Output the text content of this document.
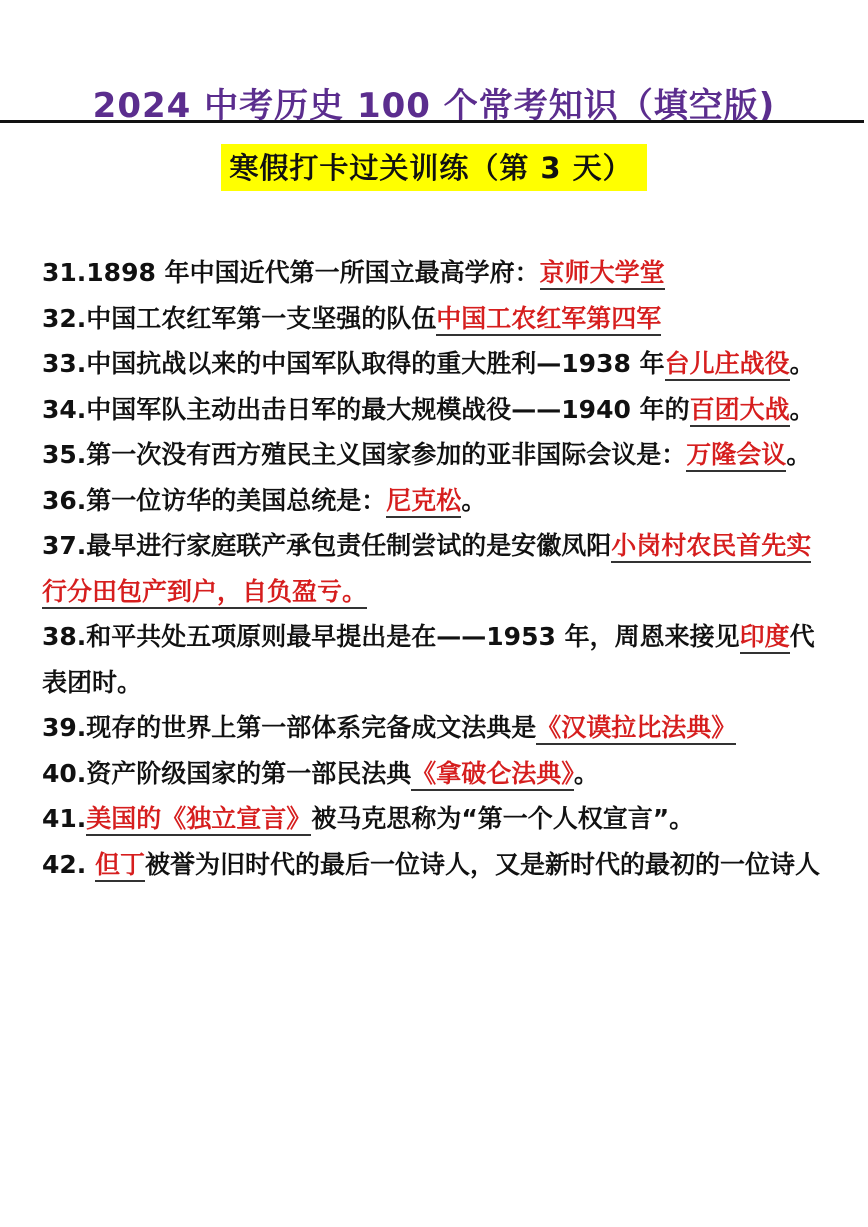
2024 中考历史 100 个常考知识（填空版)
寒假打卡过关训练（第 3 天）

31.1898 年中国近代第一所国立最高学府：京师大学堂

32.中国工农红军第一支坚强的队伍中国工农红军第四军

33.中国抗战以来的中国军队取得的重大胜利—1938 年台儿庄战役。

34.中国军队主动出击日军的最大规模战役——1940 年的百团大战。

35.第一次没有西方殖民主义国家参加的亚非国际会议是：万隆会议。

36.第一位访华的美国总统是：尼克松。

37.最早进行家庭联产承包责任制尝试的是安徽凤阳小岗村农民首先实行分田包产到户，自负盈亏。

38.和平共处五项原则最早提出是在——1953 年，周恩来接见印度代表团时。

39.现存的世界上第一部体系完备成文法典是《汉谟拉比法典》

40.资产阶级国家的第一部民法典《拿破仑法典》。

41.美国的《独立宣言》被马克思称为“第一个人权宣言”。

42. 但丁被誉为旧时代的最后一位诗人，又是新时代的最初的一位诗人
